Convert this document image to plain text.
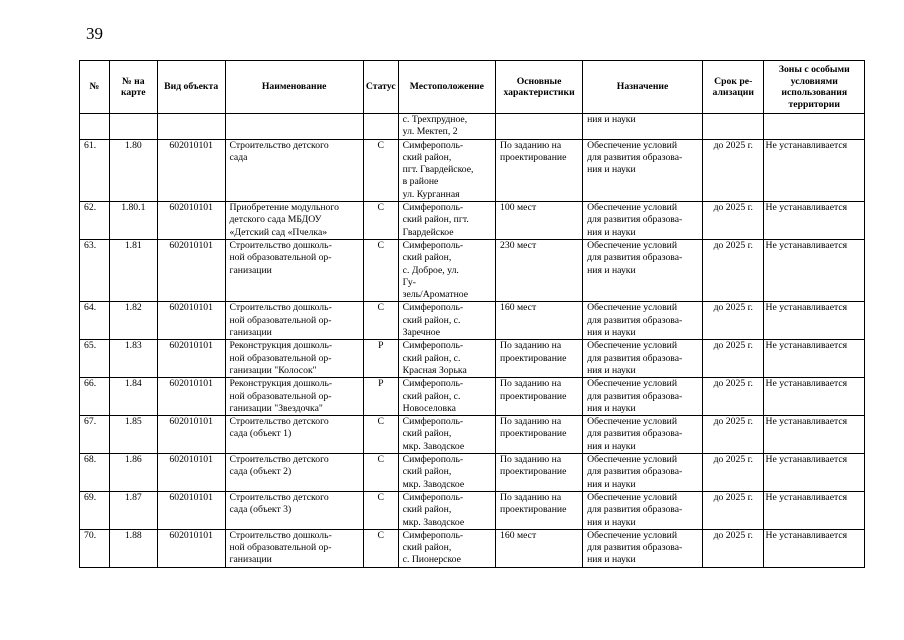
39
№	№ на карте	Вид объекта	Наименование	Статус	Местоположение	Основные характеристики	Назначение	Срок ре- ализации	Зоны с особыми условиями использования территории
					с. Трехпрудное,
ул. Мектеп, 2		ния и науки		
61.	1.80	602010101	Строительство детского
сада	С	Симферополь-
ский район,
пгт. Гвардейское,
в районе
ул. Курганная	По заданию на
проектирование	Обеспечение условий
для развития образова-
ния и науки	до 2025 г.	Не устанавливается
62.	1.80.1	602010101	Приобретение модульного
детского сада МБДОУ
«Детский сад «Пчелка»	С	Симферополь-
ский район, пгт.
Гвардейское	100 мест	Обеспечение условий
для развития образова-
ния и науки	до 2025 г.	Не устанавливается
63.	1.81	602010101	Строительство дошколь-
ной образовательной ор-
ганизации	С	Симферополь-
ский район,
с. Доброе, ул.
Гу-
зель/Ароматное	230 мест	Обеспечение условий
для развития образова-
ния и науки	до 2025 г.	Не устанавливается
64.	1.82	602010101	Строительство дошколь-
ной образовательной ор-
ганизации	С	Симферополь-
ский район, с.
Заречное	160 мест	Обеспечение условий
для развития образова-
ния и науки	до 2025 г.	Не устанавливается
65.	1.83	602010101	Реконструкция дошколь-
ной образовательной ор-
ганизации "Колосок"	Р	Симферополь-
ский район, с.
Красная Зорька	По заданию на
проектирование	Обеспечение условий
для развития образова-
ния и науки	до 2025 г.	Не устанавливается
66.	1.84	602010101	Реконструкция дошколь-
ной образовательной ор-
ганизации "Звездочка"	Р	Симферополь-
ский район, с.
Новоселовка	По заданию на
проектирование	Обеспечение условий
для развития образова-
ния и науки	до 2025 г.	Не устанавливается
67.	1.85	602010101	Строительство детского
сада (объект 1)	С	Симферополь-
ский район,
мкр. Заводское	По заданию на
проектирование	Обеспечение условий
для развития образова-
ния и науки	до 2025 г.	Не устанавливается
68.	1.86	602010101	Строительство детского
сада (объект 2)	С	Симферополь-
ский район,
мкр. Заводское	По заданию на
проектирование	Обеспечение условий
для развития образова-
ния и науки	до 2025 г.	Не устанавливается
69.	1.87	602010101	Строительство детского
сада (объект 3)	С	Симферополь-
ский район,
мкр. Заводское	По заданию на
проектирование	Обеспечение условий
для развития образова-
ния и науки	до 2025 г.	Не устанавливается
70.	1.88	602010101	Строительство дошколь-
ной образовательной ор-
ганизации	С	Симферополь-
ский район,
с. Пионерское	160 мест	Обеспечение условий
для развития образова-
ния и науки	до 2025 г.	Не устанавливается
